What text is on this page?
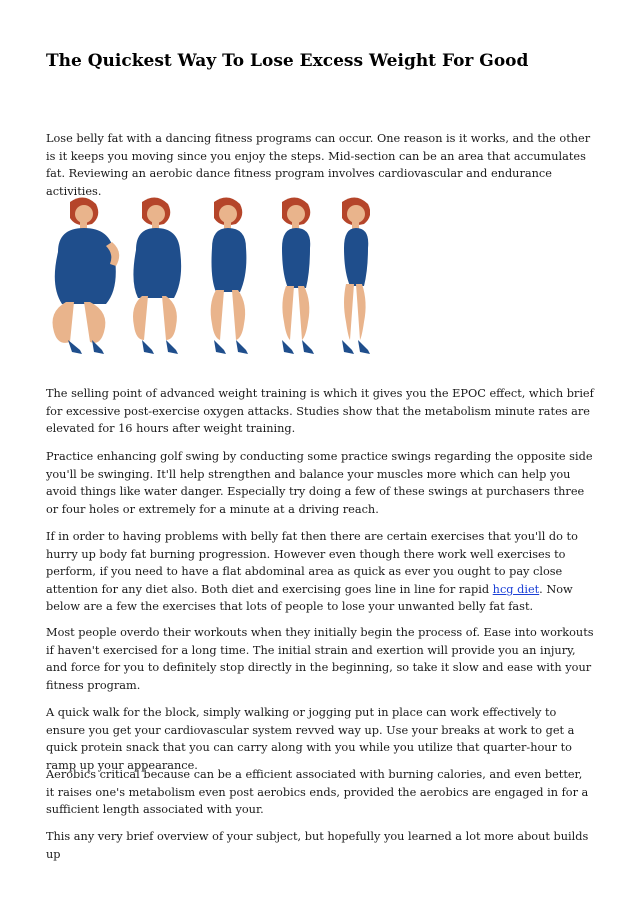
The Quickest Way To Lose Excess Weight For Good

Lose belly fat with a dancing fitness programs can occur. One reason is it works, and the other is it keeps you moving since you enjoy the steps. Mid-section can be an area that accumulates fat. Reviewing an aerobic dance fitness program involves cardiovascular and endurance activities.

The selling point of advanced weight training is which it gives you the EPOC effect, which brief for excessive post-exercise oxygen attacks. Studies show that the metabolism minute rates are elevated for 16 hours after weight training.

Practice enhancing golf swing by conducting some practice swings regarding the opposite side you'll be swinging. It'll help strengthen and balance your muscles more which can help you avoid things like water danger. Especially try doing a few of these swings at purchasers three or four holes or extremely for a minute at a driving reach.

If in order to having problems with belly fat then there are certain exercises that you'll do to hurry up body fat burning progression. However even though there work well exercises to perform, if you need to have a flat abdominal area as quick as ever you ought to pay close attention for any diet also. Both diet and exercising goes line in line for rapid hcg diet. Now below are a few the exercises that lots of people to lose your unwanted belly fat fast.

Most people overdo their workouts when they initially begin the process of. Ease into workouts if haven't exercised for a long time. The initial strain and exertion will provide you an injury, and force for you to definitely stop directly in the beginning, so take it slow and ease with your fitness program.

A quick walk for the block, simply walking or jogging put in place can work effectively to ensure you get your cardiovascular system revved way up. Use your breaks at work to get a quick protein snack that you can carry along with you while you utilize that quarter-hour to ramp up your appearance.

Aerobics critical because can be a efficient associated with burning calories, and even better, it raises one's metabolism even post aerobics ends, provided the aerobics are engaged in for a sufficient length associated with your.

This any very brief overview of your subject, but hopefully you learned a lot more about builds up
